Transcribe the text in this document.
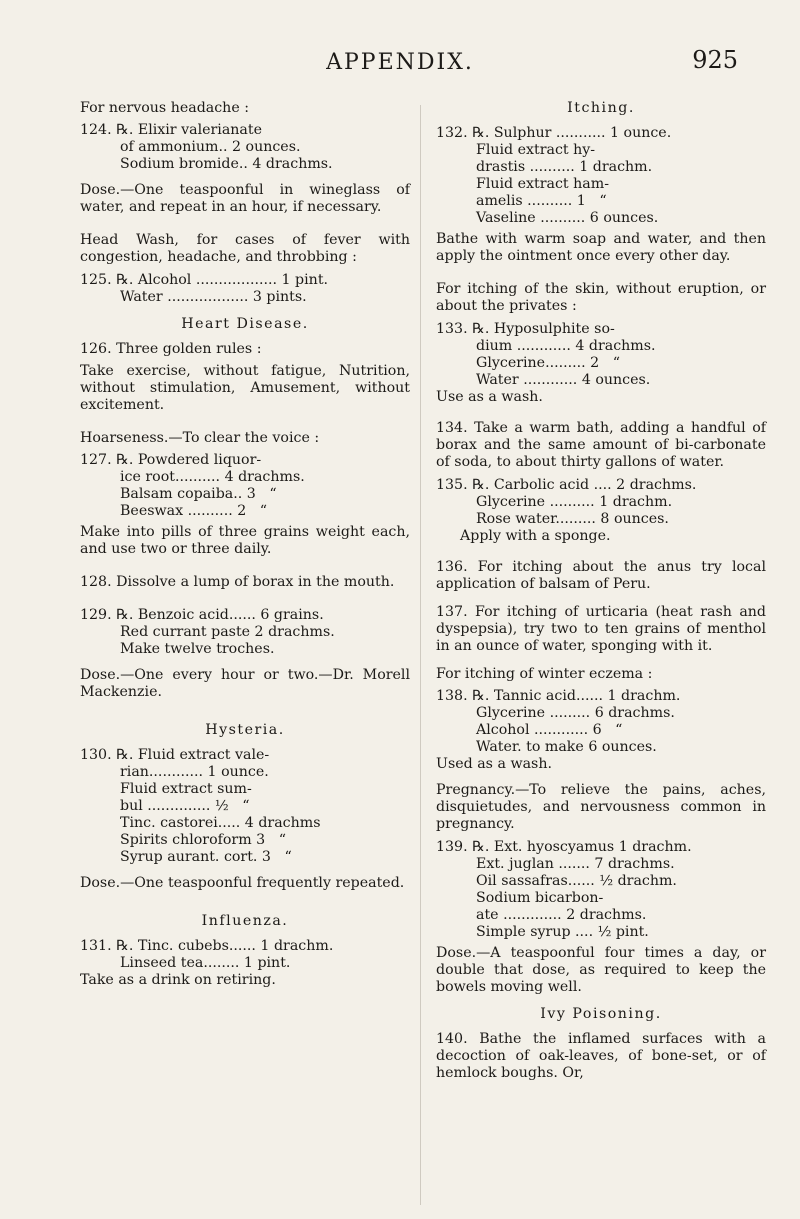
APPENDIX.	925

For nervous headache :

124. ℞. Elixir valerianate

of ammonium.. 2 ounces.

Sodium bromide.. 4 drachms.

Dose.—One teaspoonful in wineglass of water, and repeat in an hour, if necessary.

Head Wash, for cases of fever with congestion, headache, and throbbing :

125. ℞. Alcohol .................. 1 pint.

Water .................. 3 pints.

Heart Disease.

126. Three golden rules :

Take exercise, without fatigue, Nutrition, without stimulation, Amusement, without excitement.

Hoarseness.—To clear the voice :

127. ℞. Powdered liquor-

ice root.......... 4 drachms.

Balsam copaiba.. 3   “

Beeswax .......... 2   “

Make into pills of three grains weight each, and use two or three daily.

128. Dissolve a lump of borax in the mouth.

129. ℞. Benzoic acid...... 6 grains.

Red currant paste 2 drachms.

Make twelve troches.

Dose.—One every hour or two.—Dr. Morell Mackenzie.

Hysteria.

130. ℞. Fluid extract vale-

rian............ 1 ounce.

Fluid extract sum-

bul .............. ½   “

Tinc. castorei..... 4 drachms

Spirits chloroform 3   “

Syrup aurant. cort. 3   “

Dose.—One teaspoonful frequently repeated.

Influenza.

131. ℞. Tinc. cubebs...... 1 drachm.

Linseed tea........ 1 pint.

Take as a drink on retiring.

Itching.

132. ℞. Sulphur ........... 1 ounce.

Fluid extract hy-

drastis .......... 1 drachm.

Fluid extract ham-

amelis .......... 1   “

Vaseline .......... 6 ounces.

Bathe with warm soap and water, and then apply the ointment once every other day.

For itching of the skin, without eruption, or about the privates :

133. ℞. Hyposulphite so-

dium ............ 4 drachms.

Glycerine......... 2   “

Water ............ 4 ounces.

Use as a wash.

134. Take a warm bath, adding a handful of borax and the same amount of bi-carbonate of soda, to about thirty gallons of water.

135. ℞. Carbolic acid .... 2 drachms.

Glycerine .......... 1 drachm.

Rose water......... 8 ounces.

Apply with a sponge.

136. For itching about the anus try local application of balsam of Peru.

137. For itching of urticaria (heat rash and dyspepsia), try two to ten grains of menthol in an ounce of water, sponging with it.

For itching of winter eczema :

138. ℞. Tannic acid...... 1 drachm.

Glycerine ......... 6 drachms.

Alcohol ............ 6   “

Water. to make 6 ounces.

Used as a wash.

Pregnancy.—To relieve the pains, aches, disquietudes, and nervousness common in pregnancy.

139. ℞. Ext. hyoscyamus 1 drachm.

Ext. juglan ....... 7 drachms.

Oil sassafras...... ½ drachm.

Sodium bicarbon-

ate ............. 2 drachms.

Simple syrup .... ½ pint.

Dose.—A teaspoonful four times a day, or double that dose, as required to keep the bowels moving well.

Ivy Poisoning.

140. Bathe the inflamed surfaces with a decoction of oak-leaves, of bone-set, or of hemlock boughs. Or,
